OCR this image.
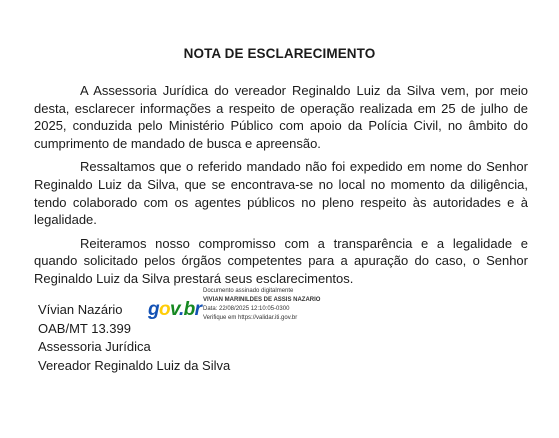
NOTA DE ESCLARECIMENTO

A Assessoria Jurídica do vereador Reginaldo Luiz da Silva vem, por meio desta, esclarecer informações a respeito de operação realizada em 25 de julho de 2025, conduzida pelo Ministério Público com apoio da Polícia Civil, no âmbito do cumprimento de mandado de busca e apreensão.

Ressaltamos que o referido mandado não foi expedido em nome do Senhor Reginaldo Luiz da Silva, que se encontrava-se no local no momento da diligência, tendo colaborado com os agentes públicos no pleno respeito às autoridades e à legalidade.

Reiteramos nosso compromisso com a transparência e a legalidade e quando solicitado pelos órgãos competentes para a apuração do caso, o Senhor Reginaldo Luiz da Silva prestará seus esclarecimentos.

gov.br
Documento assinado digitalmente
VIVIAN MARINILDES DE ASSIS NAZARIO
Data: 22/08/2025 12:10:05-0300
Verifique em https://validar.iti.gov.br
Vívian Nazário
OAB/MT 13.399
Assessoria Jurídica
Vereador Reginaldo Luiz da Silva
